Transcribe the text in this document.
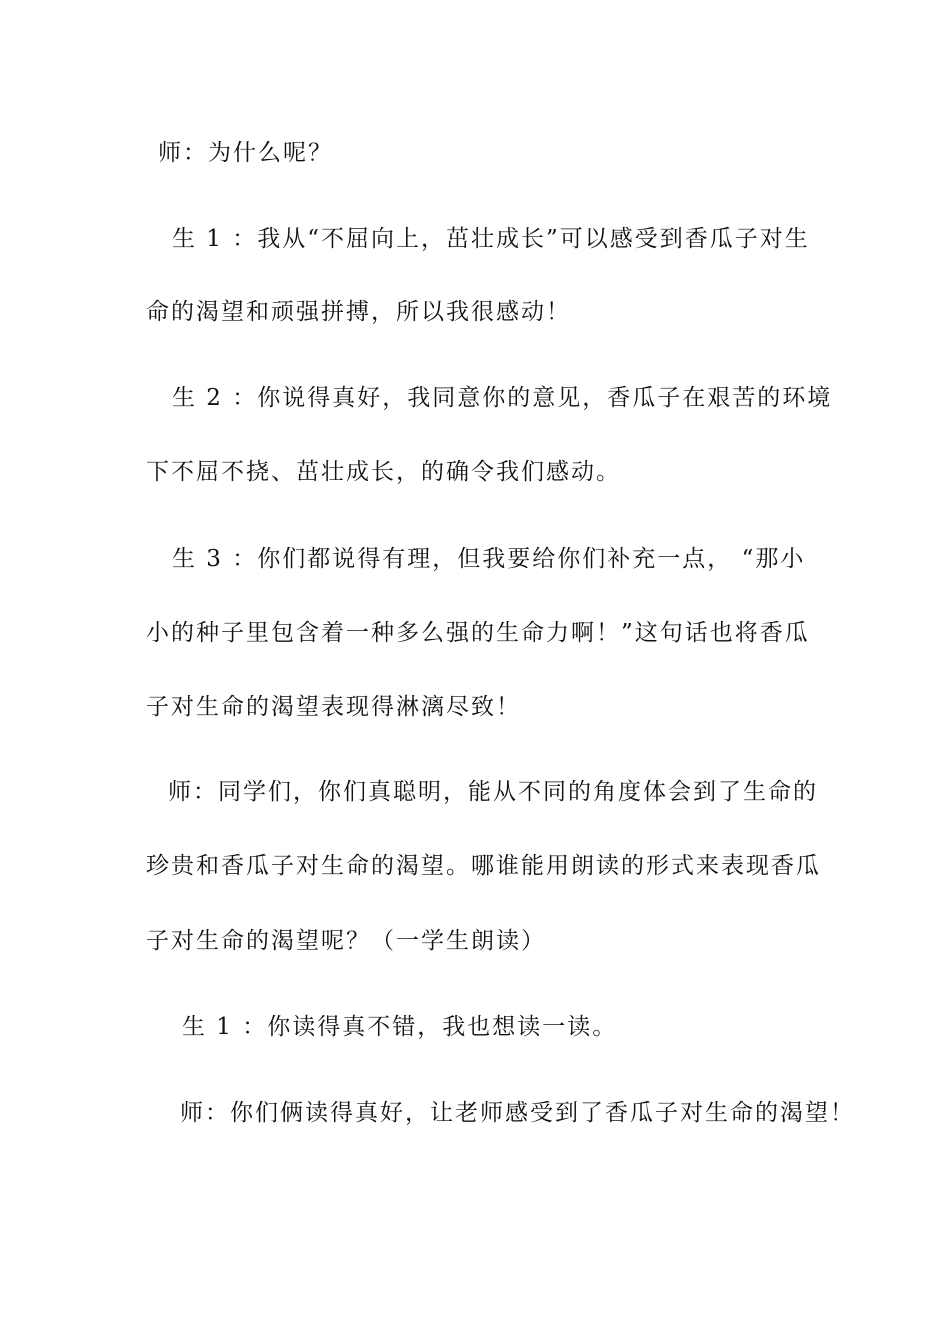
师：为什么呢？
生 1 ：我从“不屈向上，茁壮成长”可以感受到香瓜子对生
命的渴望和顽强拼搏，所以我很感动！
生 2 ：你说得真好，我同意你的意见，香瓜子在艰苦的环境
下不屈不挠、茁壮成长，的确令我们感动。
生 3 ：你们都说得有理，但我要给你们补充一点， “那小
小的种子里包含着一种多么强的生命力啊！”这句话也将香瓜
子对生命的渴望表现得淋漓尽致！
师：同学们，你们真聪明，能从不同的角度体会到了生命的
珍贵和香瓜子对生命的渴望。哪谁能用朗读的形式来表现香瓜
子对生命的渴望呢？（一学生朗读）
生 1 ：你读得真不错，我也想读一读。
师：你们俩读得真好，让老师感受到了香瓜子对生命的渴望！
